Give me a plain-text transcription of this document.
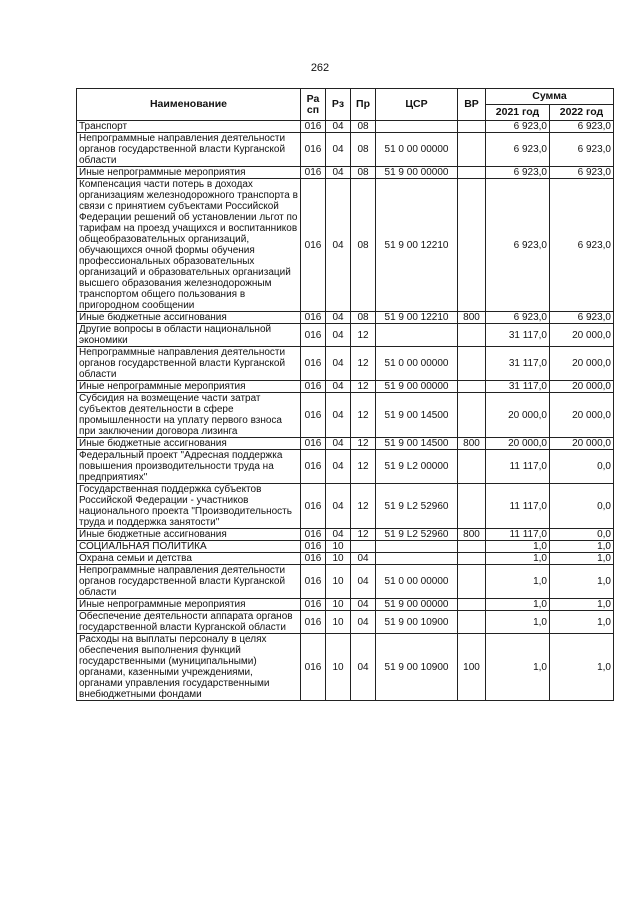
262
Наименование	Ра сп	Рз	Пр	ЦСР	ВР	Сумма	
						2021 год	2022 год
Транспорт	016	04	08			6 923,0	6 923,0
Непрограммные направления деятельности органов государственной власти Курганской области	016	04	08	51 0 00 00000		6 923,0	6 923,0
Иные непрограммные мероприятия	016	04	08	51 9 00 00000		6 923,0	6 923,0
Компенсация части потерь в доходах организациям железнодорожного транспорта в связи с принятием субъектами Российской Федерации решений об установлении льгот по тарифам на проезд учащихся и воспитанников общеобразовательных организаций, обучающихся очной формы обучения профессиональных образовательных организаций и образовательных организаций высшего образования железнодорожным транспортом общего пользования в пригородном сообщении	016	04	08	51 9 00 12210		6 923,0	6 923,0
Иные бюджетные ассигнования	016	04	08	51 9 00 12210	800	6 923,0	6 923,0
Другие вопросы в области национальной экономики	016	04	12			31 117,0	20 000,0
Непрограммные направления деятельности органов государственной власти Курганской области	016	04	12	51 0 00 00000		31 117,0	20 000,0
Иные непрограммные мероприятия	016	04	12	51 9 00 00000		31 117,0	20 000,0
Субсидия на возмещение части затрат субъектов деятельности в сфере промышленности на уплату первого взноса при заключении договора лизинга	016	04	12	51 9 00 14500		20 000,0	20 000,0
Иные бюджетные ассигнования	016	04	12	51 9 00 14500	800	20 000,0	20 000,0
Федеральный проект "Адресная поддержка повышения производительности труда на предприятиях"	016	04	12	51 9 L2 00000		11 117,0	0,0
Государственная поддержка субъектов Российской Федерации - участников национального проекта "Производительность труда и поддержка занятости"	016	04	12	51 9 L2 52960		11 117,0	0,0
Иные бюджетные ассигнования	016	04	12	51 9 L2 52960	800	11 117,0	0,0
СОЦИАЛЬНАЯ ПОЛИТИКА	016	10				1,0	1,0
Охрана семьи и детства	016	10	04			1,0	1,0
Непрограммные направления деятельности органов государственной власти Курганской области	016	10	04	51 0 00 00000		1,0	1,0
Иные непрограммные мероприятия	016	10	04	51 9 00 00000		1,0	1,0
Обеспечение деятельности аппарата органов государственной власти Курганской области	016	10	04	51 9 00 10900		1,0	1,0
Расходы на выплаты персоналу в целях обеспечения выполнения функций государственными (муниципальными) органами, казенными учреждениями, органами управления государственными внебюджетными фондами	016	10	04	51 9 00 10900	100	1,0	1,0
